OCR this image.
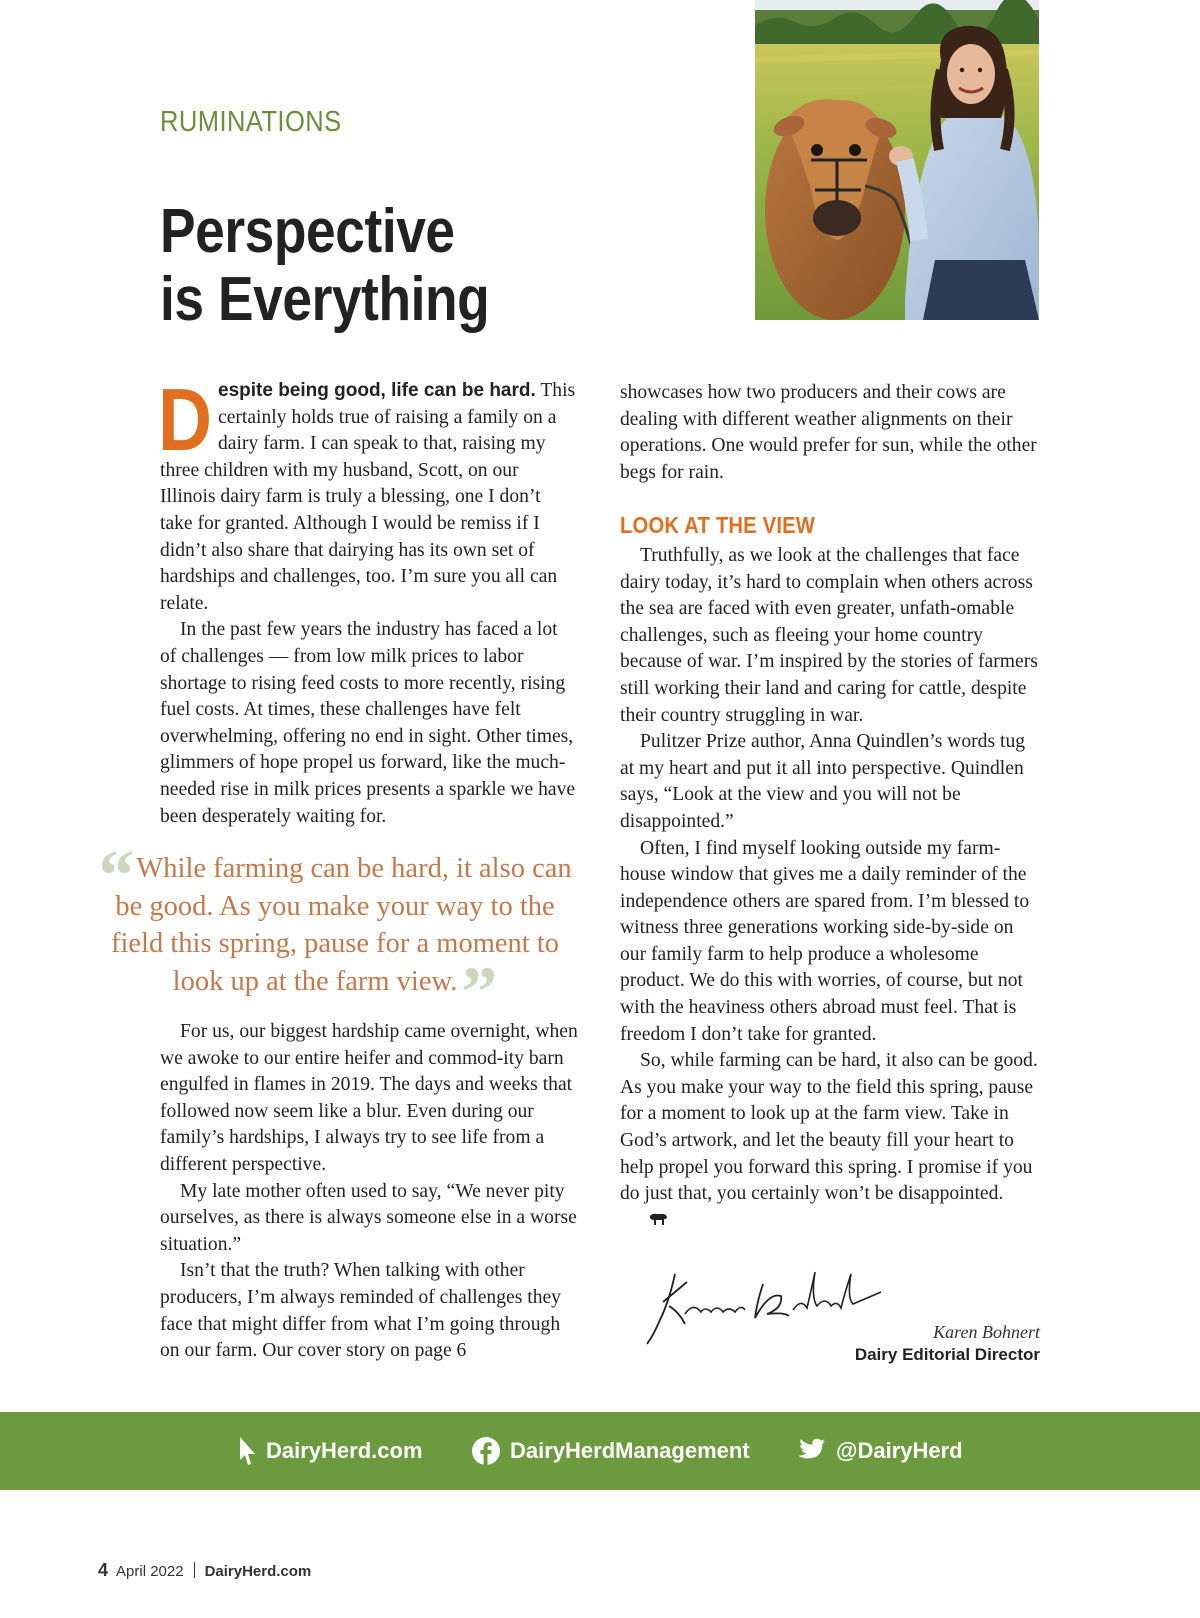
RUMINATIONS
Perspective
is Everything

Despite being good, life can be hard. This certainly holds true of raising a family on a dairy farm. I can speak to that, raising my three children with my husband, Scott, on our Illinois dairy farm is truly a blessing, one I don’t take for granted. Although I would be remiss if I didn’t also share that dairying has its own set of hardships and challenges, too. I’m sure you all can relate.

In the past few years the industry has faced a lot of challenges — from low milk prices to labor shortage to rising feed costs to more recently, rising fuel costs. At times, these challenges have felt overwhelming, offering no end in sight. Other times, glimmers of hope propel us forward, like the much-needed rise in milk prices presents a sparkle we have been desperately waiting for.

“While farming can be hard, it also can be good. As you make your way to the field this spring, pause for a moment to look up at the farm view.”

For us, our biggest hardship came overnight, when we awoke to our entire heifer and commod-ity barn engulfed in flames in 2019. The days and weeks that followed now seem like a blur. Even during our family’s hardships, I always try to see life from a different perspective.

My late mother often used to say, “We never pity ourselves, as there is always someone else in a worse situation.”

Isn’t that the truth? When talking with other producers, I’m always reminded of challenges they face that might differ from what I’m going through on our farm. Our cover story on page 6

showcases how two producers and their cows are dealing with different weather alignments on their operations. One would prefer for sun, while the other begs for rain.

LOOK AT THE VIEW

Truthfully, as we look at the challenges that face dairy today, it’s hard to complain when others across the sea are faced with even greater, unfath-omable challenges, such as fleeing your home country because of war. I’m inspired by the stories of farmers still working their land and caring for cattle, despite their country struggling in war.

Pulitzer Prize author, Anna Quindlen’s words tug at my heart and put it all into perspective. Quindlen says, “Look at the view and you will not be disappointed.”

Often, I find myself looking outside my farm-house window that gives me a daily reminder of the independence others are spared from. I’m blessed to witness three generations working side-by-side on our family farm to help produce a wholesome product. We do this with worries, of course, but not with the heaviness others abroad must feel. That is freedom I don’t take for granted.

So, while farming can be hard, it also can be good. As you make your way to the field this spring, pause for a moment to look up at the farm view. Take in God’s artwork, and let the beauty fill your heart to help propel you forward this spring. I promise if you do just that, you certainly won’t be disappointed.

Karen Bohnert
Dairy Editorial Director
DairyHerd.com	DairyHerdManagement	@DairyHerd
4 April 2022 DairyHerd.com
